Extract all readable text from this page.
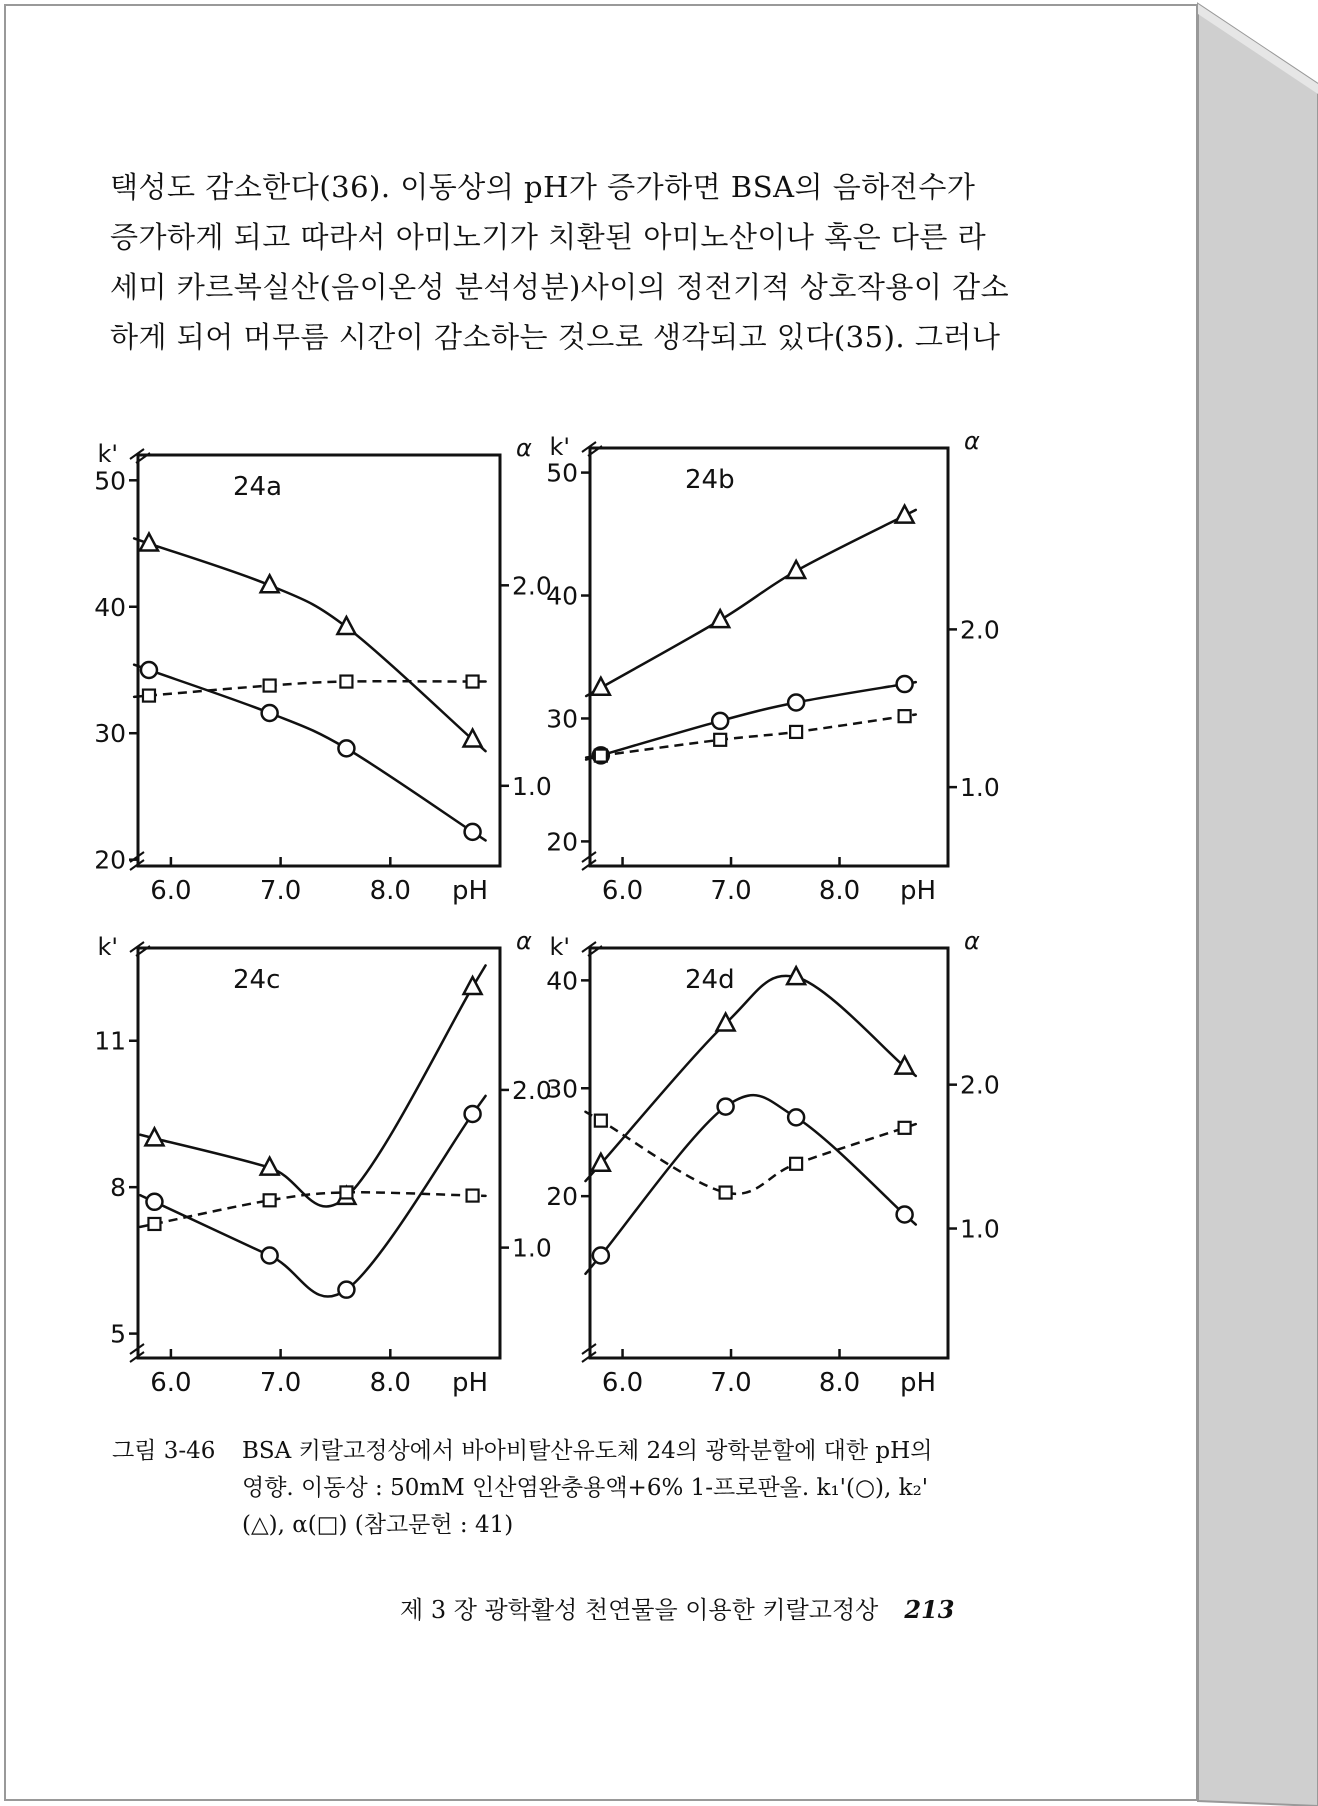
택성도 감소한다(36). 이동상의 pH가 증가하면 BSA의 음하전수가
증가하게 되고 따라서 아미노기가 치환된 아미노산이나 혹은 다른 라
세미 카르복실산(음이온성 분석성분)사이의 정전기적 상호작용이 감소
하게 되어 머무름 시간이 감소하는 것으로 생각되고 있다(35). 그러나
6.0	7.0	8.0 pH
20
30
40
50
1.0
2.0
k'	α
24a
6.0	7.0	8.0 pH
20
30
40
50
1.0
2.0
k'	α
24b
6.0	7.0	8.0 pH
5
8
11
1.0
2.0
k'	α
24c
6.0	7.0	8.0 pH
20
30
40
1.0
2.0
k'	α
24d
그림 3-46 BSA 키랄고정상에서 바아비탈산유도체 24의 광학분할에 대한 pH의
영향. 이동상 : 50mM 인산염완충용액+6% 1-프로판올. k₁'(○), k₂'
(△), α(□) (참고문헌 : 41)
제 3 장 광학활성 천연물을 이용한 키랄고정상 213
